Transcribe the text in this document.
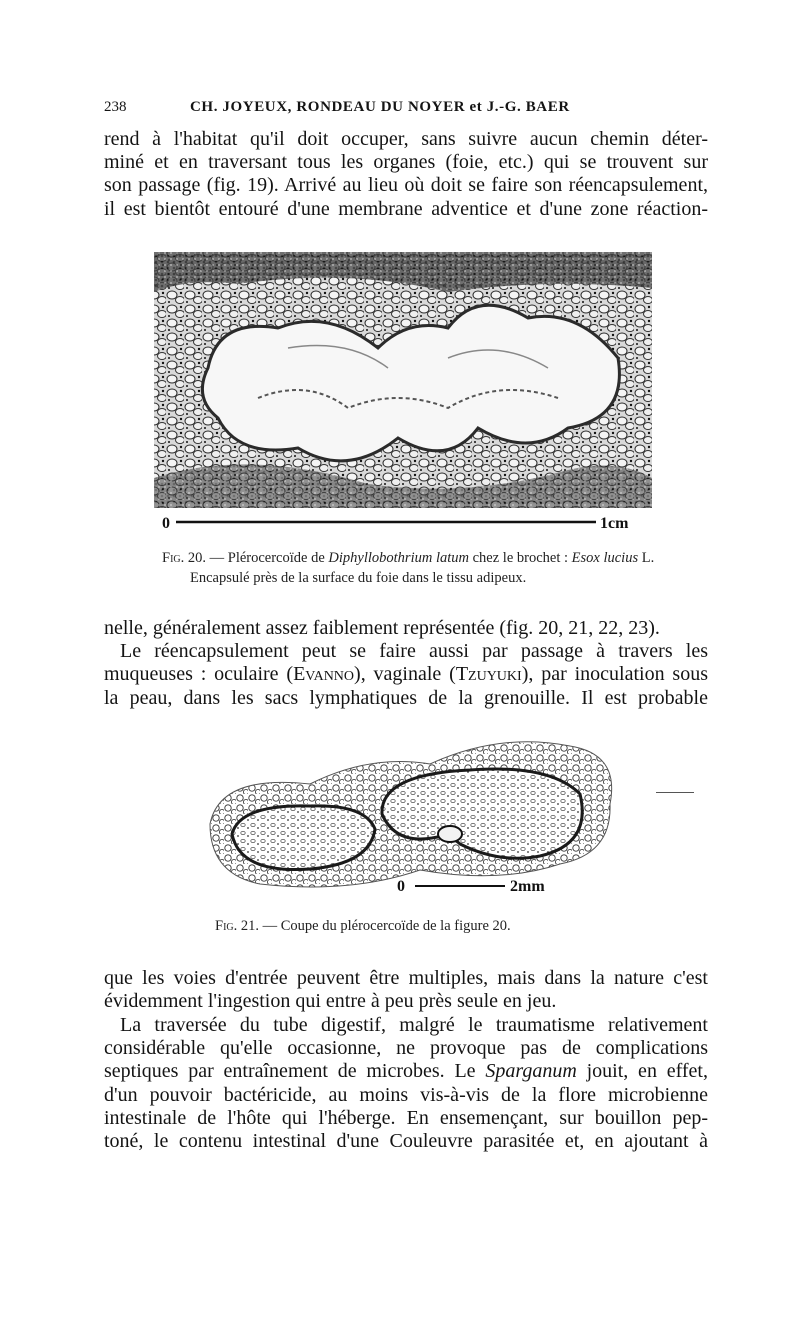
238	CH. JOYEUX, RONDEAU DU NOYER et J.-G. BAER

rend à l'habitat qu'il doit occuper, sans suivre aucun chemin déter-
miné et en traversant tous les organes (foie, etc.) qui se trouvent sur
son passage (fig. 19). Arrivé au lieu où doit se faire son réencapsulement,
il est bientôt entouré d'une membrane adventice et d'une zone réaction-

0	1cm
Fig. 20. — Plérocercoïde de Diphyllobothrium latum chez le brochet : Esox lucius L.
Encapsulé près de la surface du foie dans le tissu adipeux.

nelle, généralement assez faiblement représentée (fig. 20, 21, 22, 23).
Le réencapsulement peut se faire aussi par passage à travers les
muqueuses : oculaire (Evanno), vaginale (Tzuyuki), par inoculation sous
la peau, dans les sacs lymphatiques de la grenouille. Il est probable

0	2mm
Fig. 21. — Coupe du plérocercoïde de la figure 20.

que les voies d'entrée peuvent être multiples, mais dans la nature c'est
évidemment l'ingestion qui entre à peu près seule en jeu.

La traversée du tube digestif, malgré le traumatisme relativement
considérable qu'elle occasionne, ne provoque pas de complications
septiques par entraînement de microbes. Le Sparganum jouit, en effet,
d'un pouvoir bactéricide, au moins vis-à-vis de la flore microbienne
intestinale de l'hôte qui l'héberge. En ensemençant, sur bouillon pep-
toné, le contenu intestinal d'une Couleuvre parasitée et, en ajoutant à
